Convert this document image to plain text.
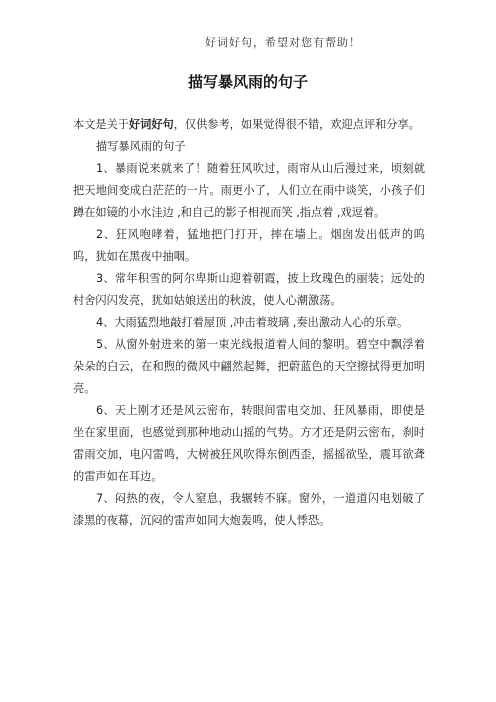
好词好句，希望对您有帮助！
描写暴风雨的句子

本文是关于好词好句，仅供参考，如果觉得很不错，欢迎点评和分享。

描写暴风雨的句子

1、暴雨说来就来了！随着狂风吹过，雨帘从山后漫过来，顷刻就把天地间变成白茫茫的一片。雨更小了，人们立在雨中谈笑，小孩子们蹲在如镜的小水洼边 ,和自己的影子相视而笑 ,指点着 ,戏逗着。

2、狂风咆哮着，猛地把门打开，摔在墙上。烟囱发出低声的呜呜，犹如在黑夜中抽咽。

3、常年积雪的阿尔卑斯山迎着朝霞，披上玫瑰色的丽装；远处的村舍闪闪发亮，犹如姑娘送出的秋波，使人心潮激荡。

4、大雨猛烈地敲打着屋顶 ,冲击着玻璃 ,奏出激动人心的乐章。

5、从窗外射进来的第一束光线报道着人间的黎明。碧空中飘浮着朵朵的白云，在和煦的微风中翩然起舞，把蔚蓝色的天空擦拭得更加明亮。

6、天上刚才还是风云密布，转眼间雷电交加、狂风暴雨，即使是坐在家里面，也感觉到那种地动山摇的气势。方才还是阴云密布，刹时雷雨交加，电闪雷鸣，大树被狂风吹得东倒西歪，摇摇欲坠，震耳欲聋的雷声如在耳边。

7、闷热的夜，令人窒息，我辗转不寐。窗外，一道道闪电划破了漆黑的夜幕，沉闷的雷声如同大炮轰鸣，使人悸恐。
